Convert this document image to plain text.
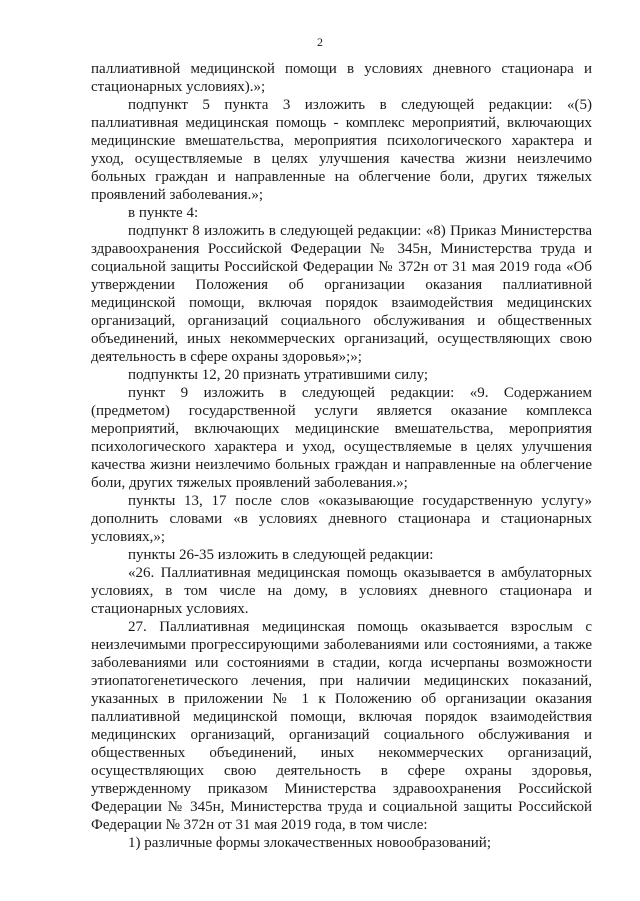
2

паллиативной медицинской помощи в условиях дневного стационара и стационарных условиях).»;

подпункт 5 пункта 3 изложить в следующей редакции: «(5) паллиативная медицинская помощь - комплекс мероприятий, включающих медицинские вмешательства, мероприятия психологического характера и уход, осуществляемые в целях улучшения качества жизни неизлечимо больных граждан и направленные на облегчение боли, других тяжелых проявлений заболевания.»;

в пункте 4:

подпункт 8 изложить в следующей редакции: «8) Приказ Министерства здравоохранения Российской Федерации № 345н, Министерства труда и социальной защиты Российской Федерации № 372н от 31 мая 2019 года «Об утверждении Положения об организации оказания паллиативной медицинской помощи, включая порядок взаимодействия медицинских организаций, организаций социального обслуживания и общественных объединений, иных некоммерческих организаций, осуществляющих свою деятельность в сфере охраны здоровья»;»;

подпункты 12, 20 признать утратившими силу;

пункт 9 изложить в следующей редакции: «9. Содержанием (предметом) государственной услуги является оказание комплекса мероприятий, включающих медицинские вмешательства, мероприятия психологического характера и уход, осуществляемые в целях улучшения качества жизни неизлечимо больных граждан и направленные на облегчение боли, других тяжелых проявлений заболевания.»;

пункты 13, 17 после слов «оказывающие государственную услугу» дополнить словами «в условиях дневного стационара и стационарных условиях,»;

пункты 26-35 изложить в следующей редакции:

«26. Паллиативная медицинская помощь оказывается в амбулаторных условиях, в том числе на дому, в условиях дневного стационара и стационарных условиях.

27. Паллиативная медицинская помощь оказывается взрослым с неизлечимыми прогрессирующими заболеваниями или состояниями, а также заболеваниями или состояниями в стадии, когда исчерпаны возможности этиопатогенетического лечения, при наличии медицинских показаний, указанных в приложении № 1 к Положению об организации оказания паллиативной медицинской помощи, включая порядок взаимодействия медицинских организаций, организаций социального обслуживания и общественных объединений, иных некоммерческих организаций, осуществляющих свою деятельность в сфере охраны здоровья, утвержденному приказом Министерства здравоохранения Российской Федерации № 345н, Министерства труда и социальной защиты Российской Федерации № 372н от 31 мая 2019 года, в том числе:

1) различные формы злокачественных новообразований;
